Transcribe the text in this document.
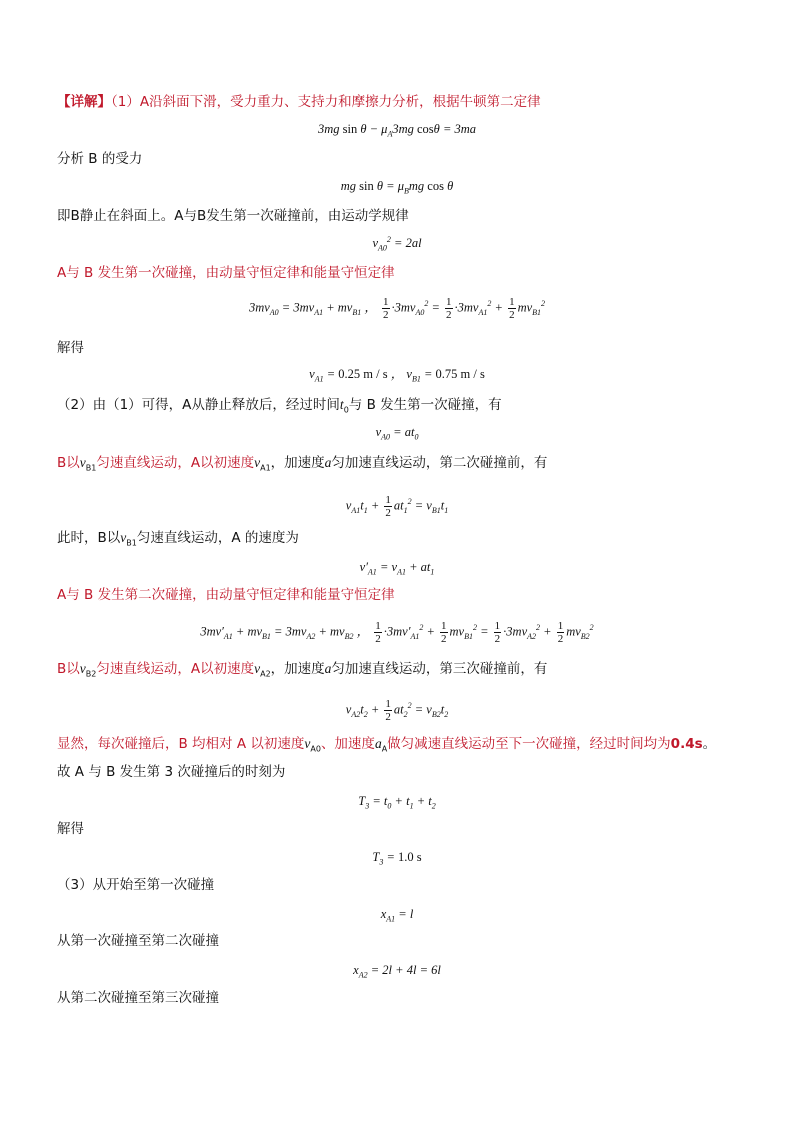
【详解】（1）A沿斜面下滑，受力重力、支持力和摩擦力分析，根据牛顿第二定律
3mg $\sin \theta - \mu_A3mg$ cosθ = 3ma
分析 B 的受力
mg $\sin \theta = \mu_Bmg$ cos θ
即B静止在斜面上。A与B发生第一次碰撞前，由运动学规律
$v_{A0}^2 = 2al$
A与 B 发生第一次碰撞，由动量守恒定律和能量守恒定律
$3mv_{A0} = 3mv_{A1} + mv_{B1}$ ， $\frac{1}{2} \cdot 3mv_{A0}^2 = \frac{1}{2} \cdot 3mv_{A1}^2 + \frac{1}{2} mv_{B1}^2$
解得
$v_{A1} = 0.25$ m / s ， $v_{B1} = 0.75$ m / s
（2）由（1）可得，A从静止释放后，经过时间$t_0$与 B 发生第一次碰撞，有
$v_{A0} = at_0$
B以$v_{B1}$匀速直线运动，A以初速度$v_{A1}$，加速度a匀加速直线运动，第二次碰撞前，有
$v_{A1}t_1 + \frac{1}{2} at_1^2 = v_{B1}t_1$
此时，B以$v_{B1}$匀速直线运动，A 的速度为
$v'_{A1} = v_{A1} + at_1$
A与 B 发生第二次碰撞，由动量守恒定律和能量守恒定律
$3mv'_{A1} + mv_{B1} = 3mv_{A2} + mv_{B2}$ ， $\frac{1}{2} \cdot 3mv'_{A1}^2 + \frac{1}{2} mv_{B1}^2 = \frac{1}{2} \cdot 3mv_{A2}^2 + \frac{1}{2} mv_{B2}^2$
B以$v_{B2}$匀速直线运动，A以初速度$v_{A2}$，加速度a匀加速直线运动，第三次碰撞前，有
$v_{A2}t_2 + \frac{1}{2} at_2^2 = v_{B2}t_2$
显然，每次碰撞后，B 均相对 A 以初速度$v_{A0}$、加速度$a_A$做匀减速直线运动至下一次碰撞，经过时间均为0.4s。
故 A 与 B 发生第 3 次碰撞后的时刻为
$T_3 = t_0 + t_1 + t_2$
解得
$T_3 = 1.0$ s
（3）从开始至第一次碰撞
$x_{A1} = l$
从第一次碰撞至第二次碰撞
$x_{A2} = 2l + 4l = 6l$
从第二次碰撞至第三次碰撞
